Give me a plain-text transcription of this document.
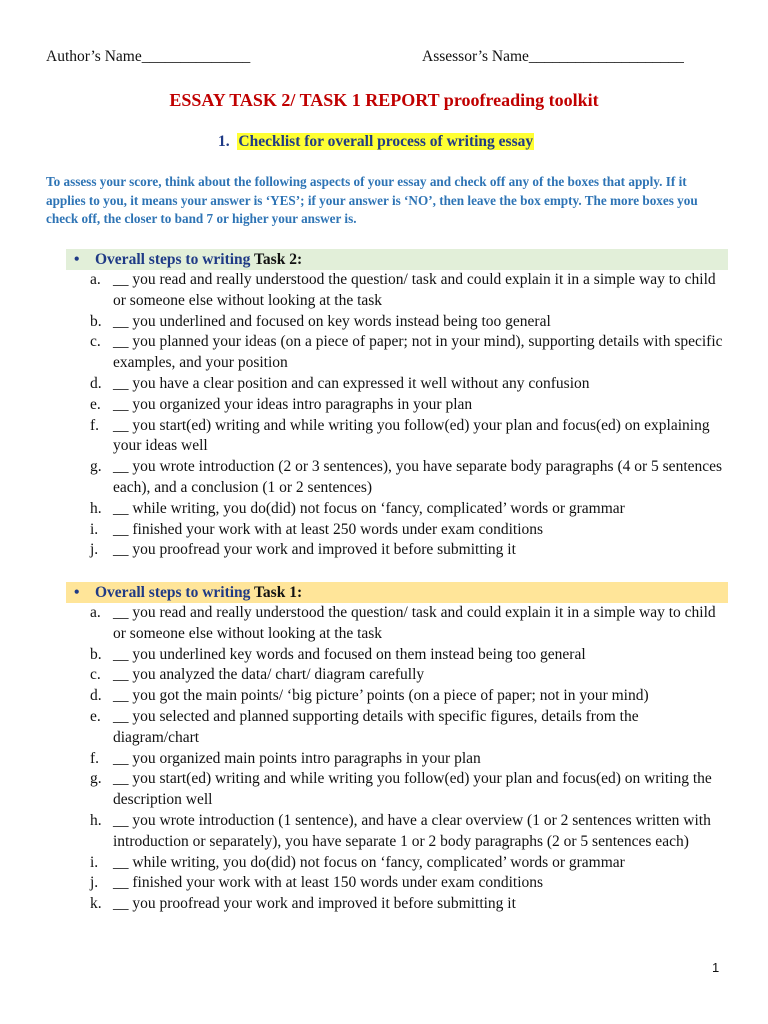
Author’s Name______________	Assessor’s Name____________________
ESSAY TASK 2/ TASK 1 REPORT proofreading toolkit
1. Checklist for overall process of writing essay
To assess your score, think about the following aspects of your essay and check off any of the boxes that apply. If it applies to you, it means your answer is ‘YES’; if your answer is ‘NO’, then leave the box empty. The more boxes you check off, the closer to band 7 or higher your answer is.
• Overall steps to writing Task 2:
a. __ you read and really understood the question/ task and could explain it in a simple way to child or someone else without looking at the task
b. __ you underlined and focused on key words instead being too general
c. __ you planned your ideas (on a piece of paper; not in your mind), supporting details with specific examples, and your position
d. __ you have a clear position and can expressed it well without any confusion
e. __ you organized your ideas intro paragraphs in your plan
f. __ you start(ed) writing and while writing you follow(ed) your plan and focus(ed) on explaining your ideas well
g. __ you wrote introduction (2 or 3 sentences), you have separate body paragraphs (4 or 5 sentences each), and a conclusion (1 or 2 sentences)
h. __ while writing, you do(did) not focus on ‘fancy, complicated’ words or grammar
i. __ finished your work with at least 250 words under exam conditions
j. __ you proofread your work and improved it before submitting it
• Overall steps to writing Task 1:
a. __ you read and really understood the question/ task and could explain it in a simple way to child or someone else without looking at the task
b. __ you underlined key words and focused on them instead being too general
c. __ you analyzed the data/ chart/ diagram carefully
d. __ you got the main points/ ‘big picture’ points (on a piece of paper; not in your mind)
e. __ you selected and planned supporting details with specific figures, details from the diagram/chart
f. __ you organized main points intro paragraphs in your plan
g. __ you start(ed) writing and while writing you follow(ed) your plan and focus(ed) on writing the description well
h. __ you wrote introduction (1 sentence), and have a clear overview (1 or 2 sentences written with introduction or separately), you have separate 1 or 2 body paragraphs (2 or 5 sentences each)
i. __ while writing, you do(did) not focus on ‘fancy, complicated’ words or grammar
j. __ finished your work with at least 150 words under exam conditions
k. __ you proofread your work and improved it before submitting it
1
